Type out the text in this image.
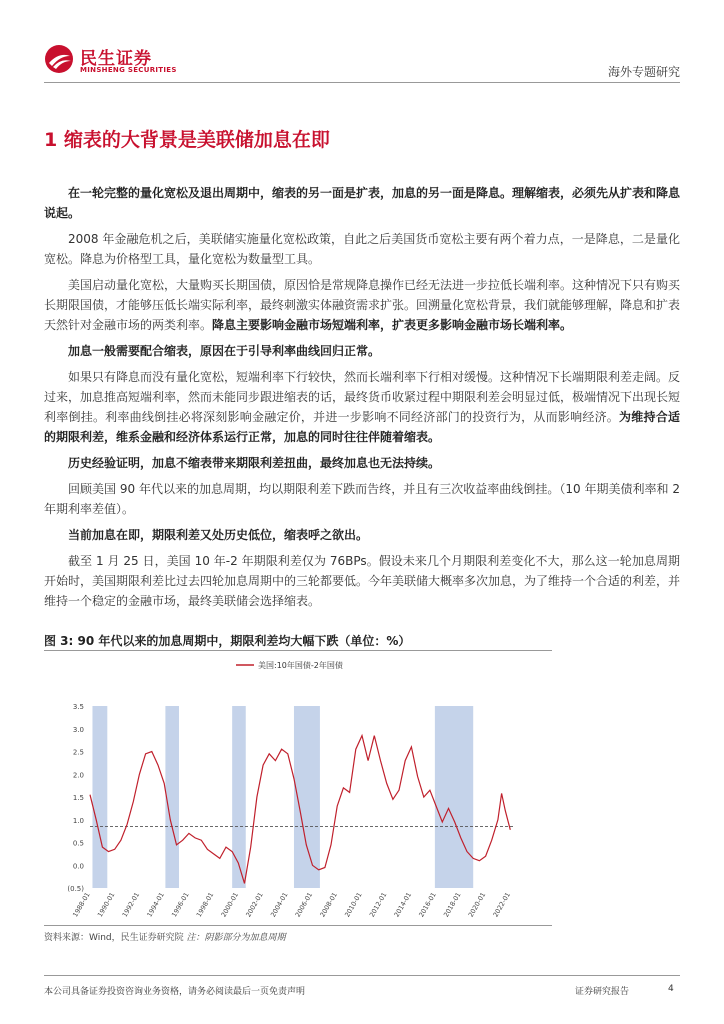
民生证券
MINSHENG SECURITIES	海外专题研究
1 缩表的大背景是美联储加息在即

在一轮完整的量化宽松及退出周期中，缩表的另一面是扩表，加息的另一面是降息。理解缩表，必须先从扩表和降息说起。

2008 年金融危机之后，美联储实施量化宽松政策，自此之后美国货币宽松主要有两个着力点，一是降息，二是量化宽松。降息为价格型工具，量化宽松为数量型工具。

美国启动量化宽松，大量购买长期国债，原因恰是常规降息操作已经无法进一步拉低长端利率。这种情况下只有购买长期限国债，才能够压低长端实际利率，最终刺激实体融资需求扩张。回溯量化宽松背景，我们就能够理解，降息和扩表天然针对金融市场的两类利率。降息主要影响金融市场短端利率，扩表更多影响金融市场长端利率。

加息一般需要配合缩表，原因在于引导利率曲线回归正常。

如果只有降息而没有量化宽松，短端利率下行较快，然而长端利率下行相对缓慢。这种情况下长端期限利差走阔。反过来，加息推高短端利率，然而未能同步跟进缩表的话，最终货币收紧过程中期限利差会明显过低，极端情况下出现长短利率倒挂。利率曲线倒挂必将深刻影响金融定价，并进一步影响不同经济部门的投资行为，从而影响经济。为维持合适的期限利差，维系金融和经济体系运行正常，加息的同时往往伴随着缩表。

历史经验证明，加息不缩表带来期限利差扭曲，最终加息也无法持续。

回顾美国 90 年代以来的加息周期，均以期限利差下跌而告终，并且有三次收益率曲线倒挂。（10 年期美债利率和 2 年期利率差值）。

当前加息在即，期限利差又处历史低位，缩表呼之欲出。

截至 1 月 25 日，美国 10 年-2 年期限利差仅为 76BPs。假设未来几个月期限利差变化不大，那么这一轮加息周期开始时，美国期限利差比过去四轮加息周期中的三轮都要低。今年美联储大概率多次加息，为了维持一个合适的利差，并维持一个稳定的金融市场，最终美联储会选择缩表。

图 3: 90 年代以来的加息周期中，期限利差均大幅下跌（单位：%）
3.5
3.0
2.5
2.0
1.5
1.0
0.5
0.0
(0.5)
1988-01 1990-01 1992-01 1994-01 1996-01 1998-01 2000-01 2002-01 2004-01 2006-01 2008-01 2010-01 2012-01 2014-01 2016-01 2018-01 2020-01 2022-01
美国:10年国债-2年国债
资料来源：Wind，民生证券研究院 注：阴影部分为加息周期
本公司具备证券投资咨询业务资格，请务必阅读最后一页免责声明	证券研究报告	4
